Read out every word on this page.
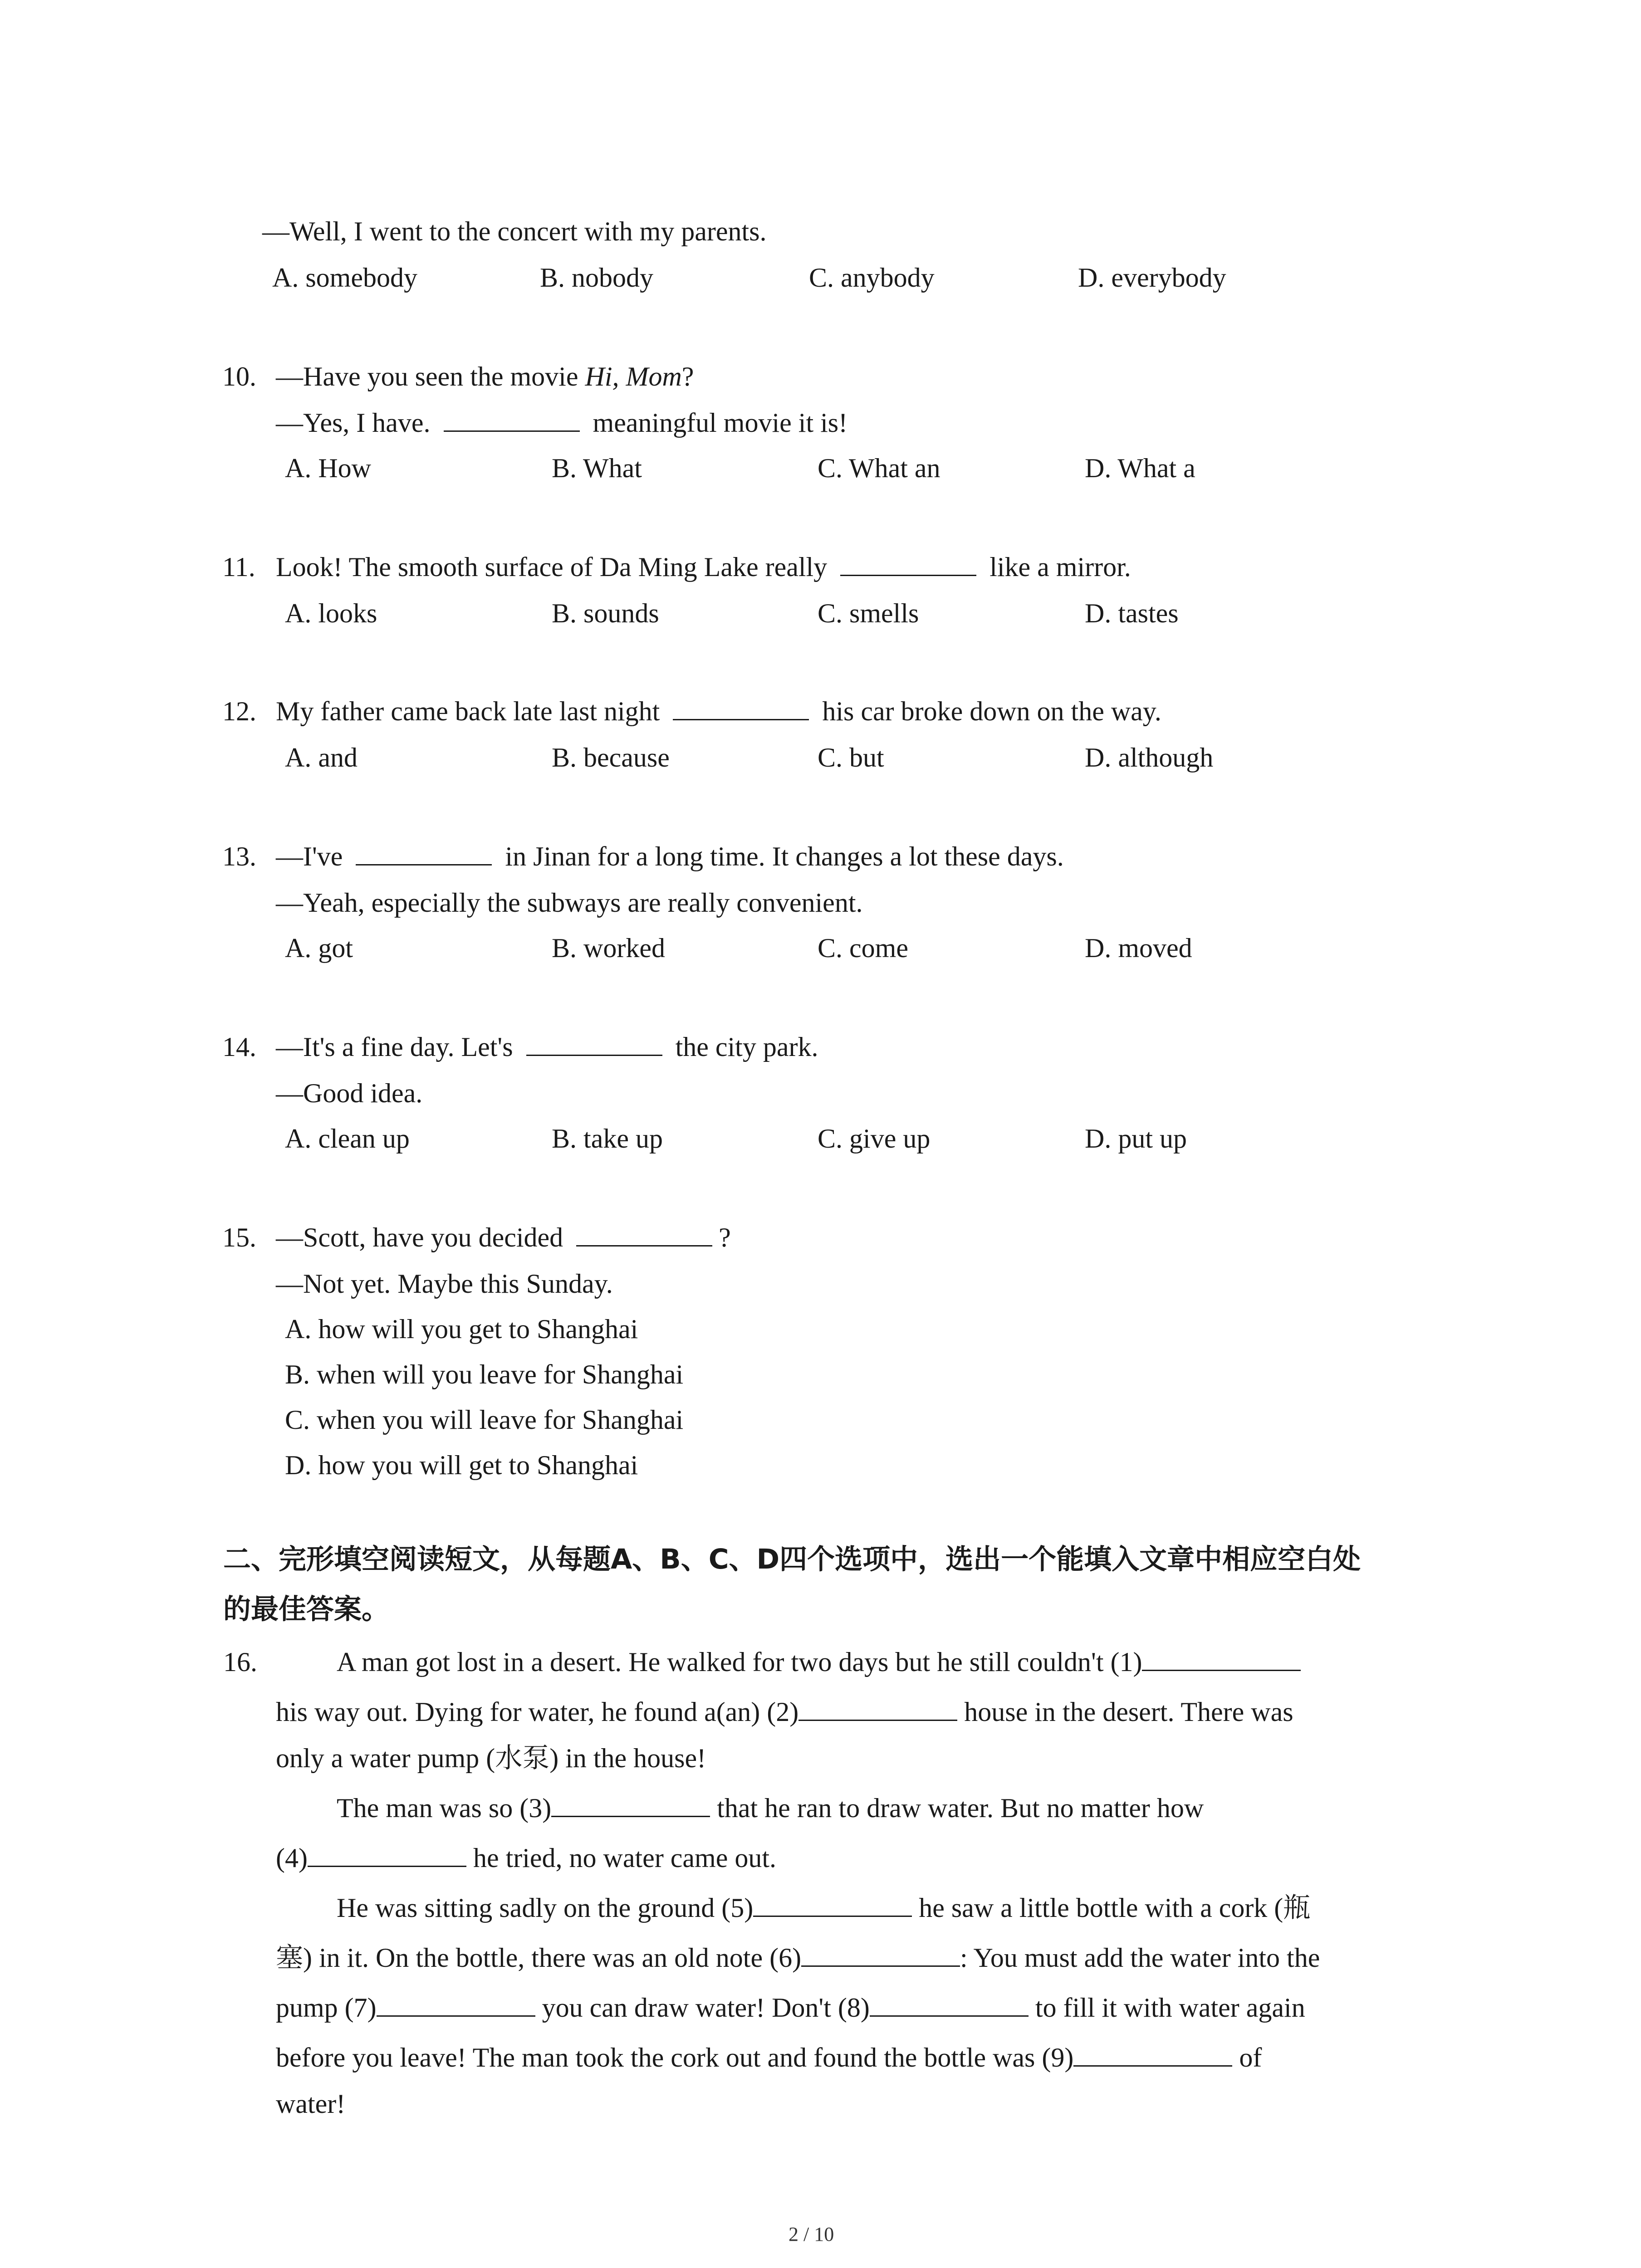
—Well, I went to the concert with my parents.
A. somebody	B. nobody	C. anybody	D. everybody
10. —Have you seen the movie Hi, Mom?
—Yes, I have.	meaningful movie it is!
A. How	B. What	C. What an	D. What a
11. Look! The smooth surface of Da Ming Lake really	like a mirror.
A. looks	B. sounds	C. smells	D. tastes
12. My father came back late last night	his car broke down on the way.
A. and	B. because	C. but	D. although
13. —I've	in Jinan for a long time. It changes a lot these days.
—Yeah, especially the subways are really convenient.
A. got	B. worked	C. come	D. moved
14. —It's a fine day. Let's	the city park.
—Good idea.
A. clean up	B. take up	C. give up	D. put up
15. —Scott, have you decided	?
—Not yet. Maybe this Sunday.
A. how will you get to Shanghai
B. when will you leave for Shanghai
C. when you will leave for Shanghai
D. how you will get to Shanghai
二、完形填空阅读短文，从每题A、B、C、D四个选项中，选出一个能填入文章中相应空白处
的最佳答案。
16.	A man got lost in a desert. He walked for two days but he still couldn't (1)
his way out. Dying for water, he found a(an) (2)	house in the desert. There was
only a water pump (水泵) in the house!
The man was so (3)	that he ran to draw water. But no matter how
(4)	he tried, no water came out.
He was sitting sadly on the ground (5)	he saw a little bottle with a cork (瓶
塞) in it. On the bottle, there was an old note (6)	: You must add the water into the
pump (7)	you can draw water! Don't (8)	to fill it with water again
before you leave! The man took the cork out and found the bottle was (9)	of
water!
2 / 10
